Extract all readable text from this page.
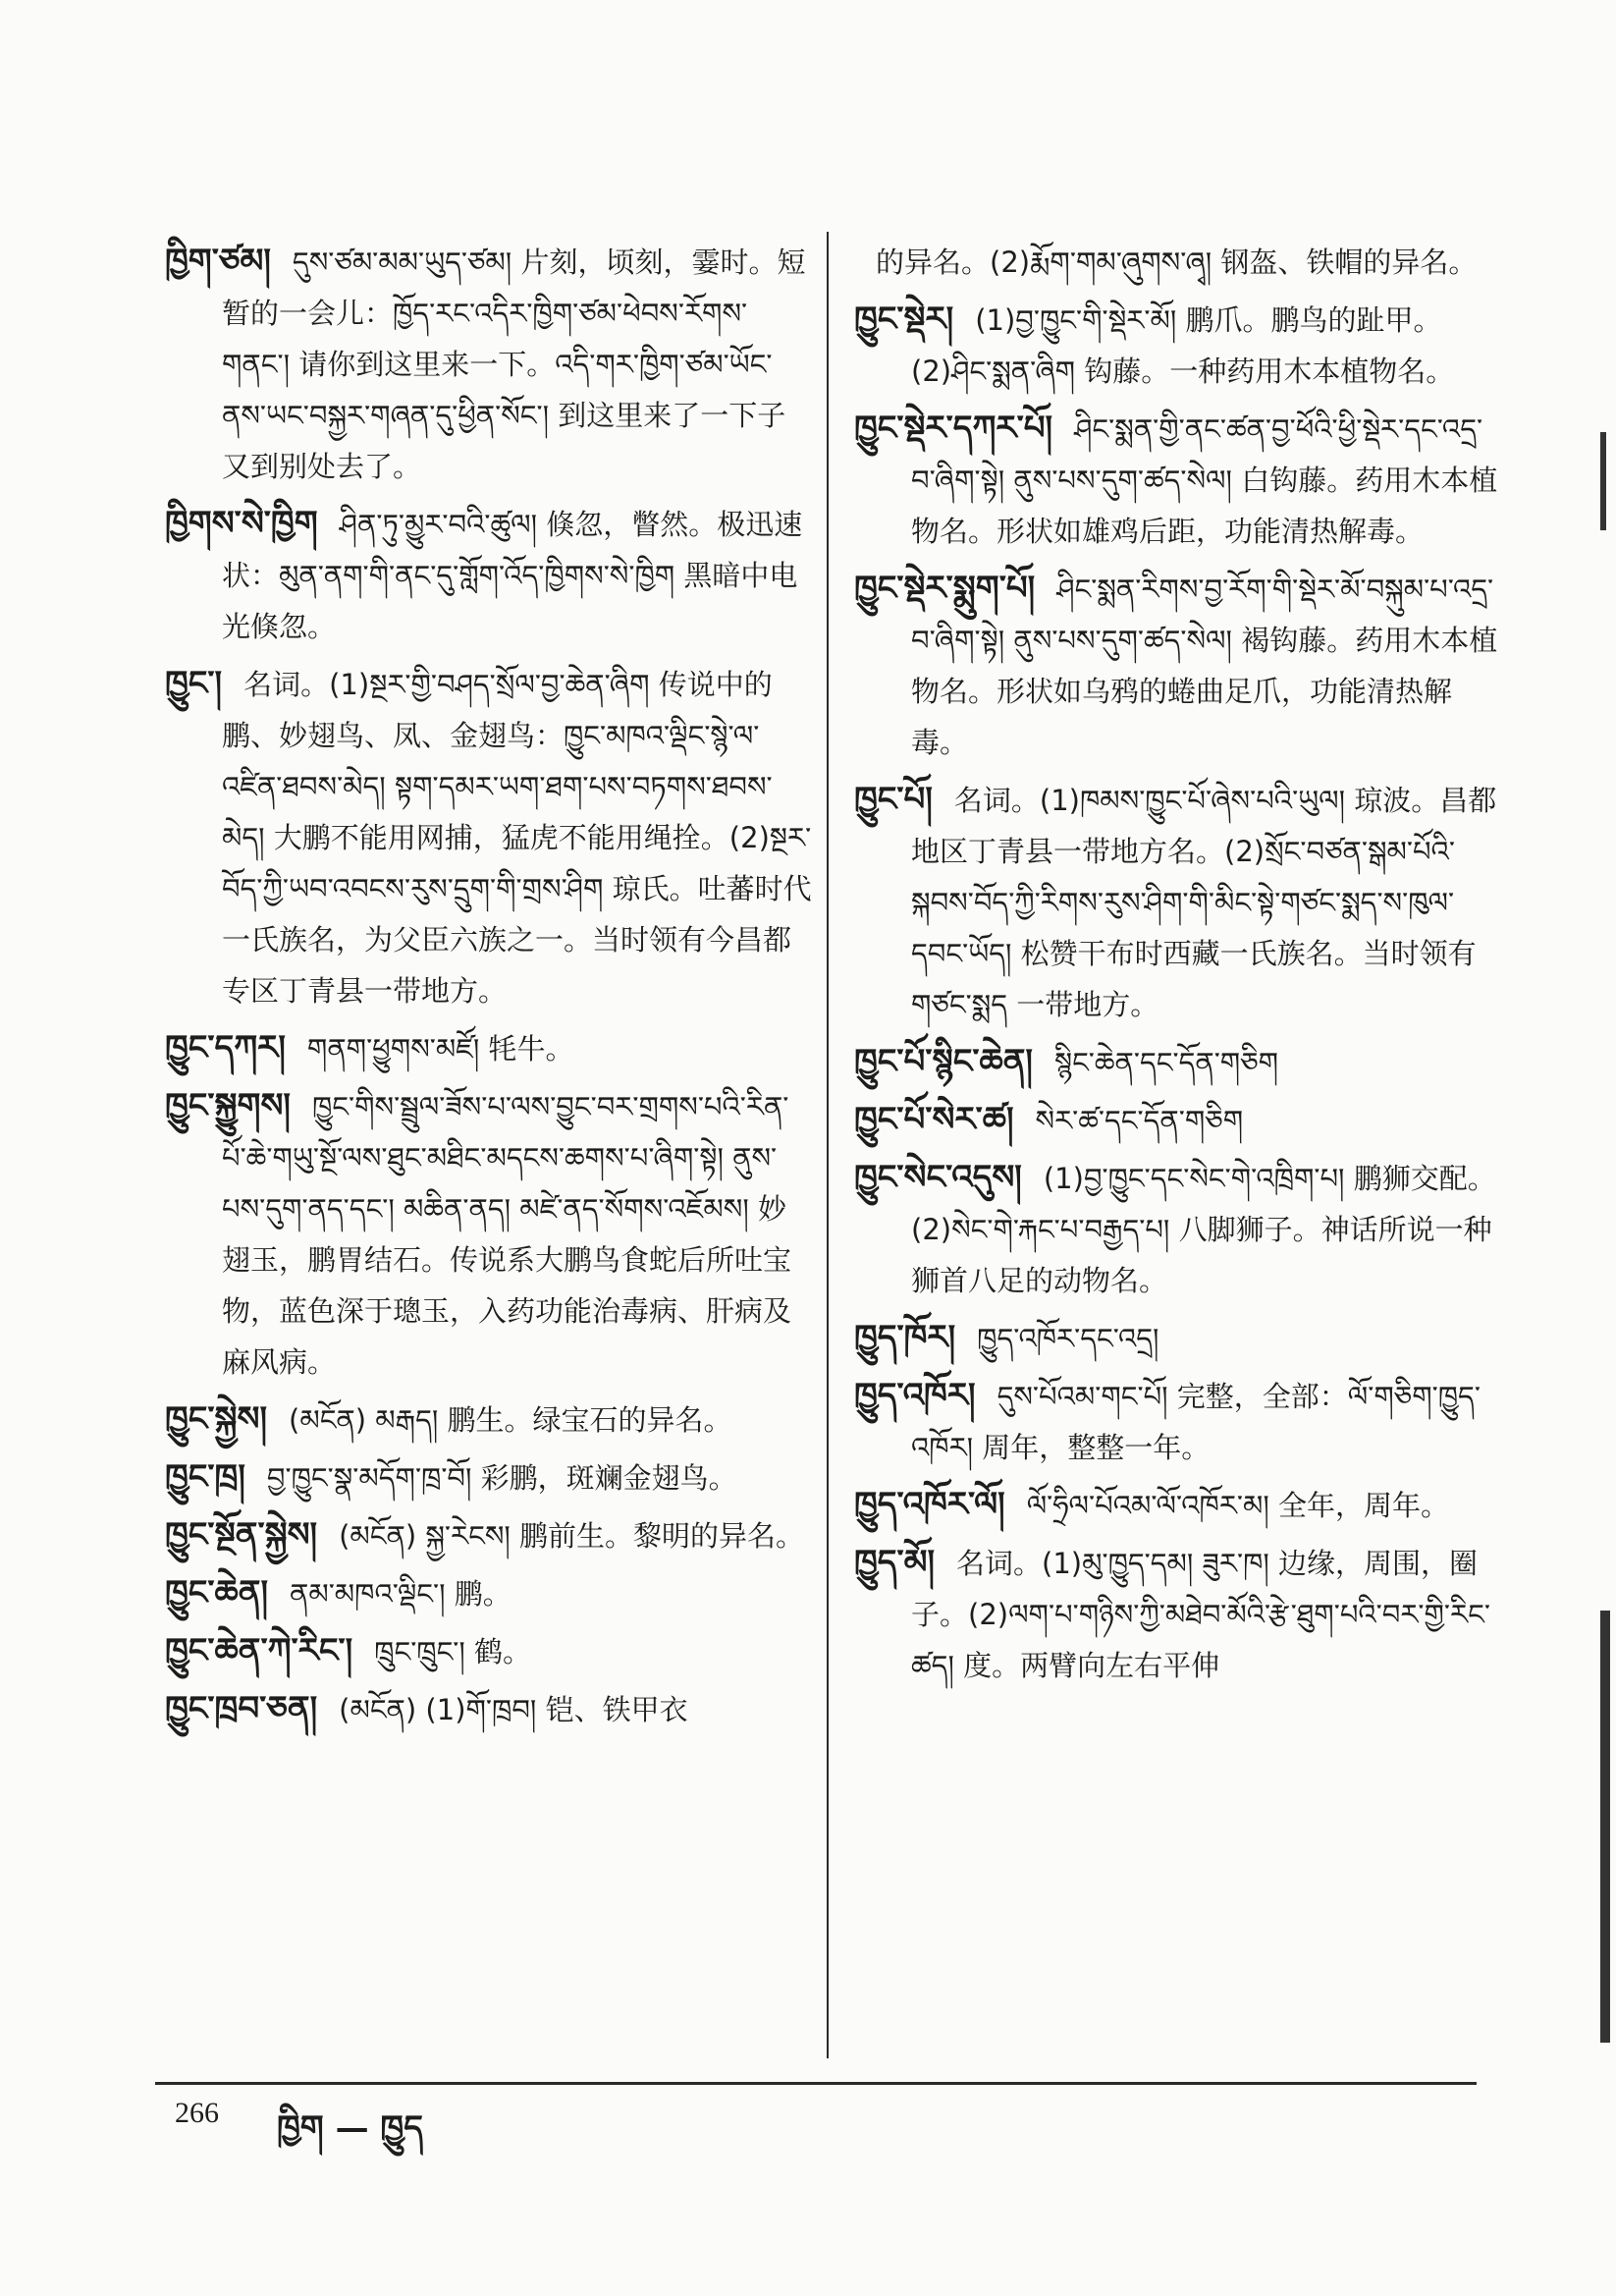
ཁྱིག་ཙམ། དུས་ཙམ་མམ་ཡུད་ཙམ། 片刻，顷刻，霎时。短暂的一会儿：ཁྱོད་རང་འདིར་ཁྱིག་ཙམ་ཕེབས་རོགས་གནང་། 请你到这里来一下。འདི་གར་ཁྱིག་ཙམ་ཡོང་ནས་ཡང་བསྐྱར་གཞན་དུ་ཕྱིན་སོང་། 到这里来了一下子又到别处去了。
ཁྱིགས་སེ་ཁྱིག ཤིན་ཏུ་མྱུར་བའི་ཚུལ། 倏忽，瞥然。极迅速状：མུན་ནག་གི་ནང་དུ་གློག་འོད་ཁྱིགས་སེ་ཁྱིག 黑暗中电光倏忽。
ཁྱུང་། 名词。(1)སྔར་གྱི་བཤད་སྲོལ་བྱ་ཆེན་ཞིག 传说中的鹏、妙翅鸟、凤、金翅鸟：ཁྱུང་མཁའ་ལྡིང་སྙེ་ལ་འཛིན་ཐབས་མེད། སྟག་དམར་ཡག་ཐག་པས་བཏགས་ཐབས་མེད། 大鹏不能用网捕，猛虎不能用绳拴。(2)སྔར་བོད་ཀྱི་ཡབ་འབངས་རུས་དྲུག་གི་གྲས་ཤིག 琼氏。吐蕃时代一氏族名，为父臣六族之一。当时领有今昌都专区丁青县一带地方。
ཁྱུང་དཀར། གནག་ཕྱུགས་མཛོ། 牦牛。
ཁྱུང་སྐྱུགས། ཁྱུང་གིས་སྦྲུལ་ཟོས་པ་ལས་བྱུང་བར་གྲགས་པའི་རིན་པོ་ཆེ་གཡུ་སྔོ་ལས་ཐུང་མཐིང་མདངས་ཆགས་པ་ཞིག་སྟེ། ནུས་པས་དུག་ནད་དང་། མཆིན་ནད། མཛེ་ནད་སོགས་འཇོམས། 妙翅玉，鹏胃结石。传说系大鹏鸟食蛇后所吐宝物，蓝色深于璁玉，入药功能治毒病、肝病及麻风病。
ཁྱུང་སྐྱེས། (མངོན) མརྒད། 鹏生。绿宝石的异名。
ཁྱུང་ཁྲ། བྱ་ཁྱུང་སྣ་མདོག་ཁྲ་བོ། 彩鹏，斑斓金翅鸟。
ཁྱུང་སྔོན་སྐྱེས། (མངོན) སྐྱ་རེངས། 鹏前生。黎明的异名。
ཁྱུང་ཆེན། ནམ་མཁའ་ལྡིང་། 鹏。
ཁྱུང་ཆེན་ཀེ་རིང་། ཁྲུང་ཁྲུང་། 鹤。
ཁྱུང་ཁྲབ་ཅན། (མངོན) (1)གོ་ཁྲབ། 铠、铁甲衣
的异名。(2)རྨོག་གམ་ཞུགས་ཞྭ། 钢盔、铁帽的异名。
ཁྱུང་སྡེར། (1)བྱ་ཁྱུང་གི་སྡེར་མོ། 鹏爪。鹏鸟的趾甲。(2)ཤིང་སྨན་ཞིག 钩藤。一种药用木本植物名。
ཁྱུང་སྡེར་དཀར་པོ། ཤིང་སྨན་གྱི་ནང་ཚན་བྱ་ཕོའི་ཕྱི་སྡེར་དང་འདྲ་བ་ཞིག་སྟེ། ནུས་པས་དུག་ཚད་སེལ། 白钩藤。药用木本植物名。形状如雄鸡后距，功能清热解毒。
ཁྱུང་སྡེར་སྨུག་པོ། ཤིང་སྨན་རིགས་བྱ་རོག་གི་སྡེར་མོ་བསྐུམ་པ་འདྲ་བ་ཞིག་སྟེ། ནུས་པས་དུག་ཚད་སེལ། 褐钩藤。药用木本植物名。形状如乌鸦的蜷曲足爪，功能清热解毒。
ཁྱུང་པོ། 名词。(1)ཁམས་ཁྱུང་པོ་ཞེས་པའི་ཡུལ། 琼波。昌都地区丁青县一带地方名。(2)སྲོང་བཙན་སྒམ་པོའི་སྐབས་བོད་ཀྱི་རིགས་རུས་ཤིག་གི་མིང་སྟེ་གཙང་སྨད་ས་ཁུལ་དབང་ཡོད། 松赞干布时西藏一氏族名。当时领有 གཙང་སྨད 一带地方。
ཁྱུང་པོ་སྙིང་ཆེན། སྙིང་ཆེན་དང་དོན་གཅིག
ཁྱུང་པོ་སེར་ཚ། སེར་ཚ་དང་དོན་གཅིག
ཁྱུང་སེང་འདུས། (1)བྱ་ཁྱུང་དང་སེང་གེ་འཁྲིག་པ། 鹏狮交配。(2)སེང་གེ་རྐང་པ་བརྒྱད་པ། 八脚狮子。神话所说一种狮首八足的动物名。
ཁྱུད་ཁོར། ཁྱུད་འཁོར་དང་འདྲ།
ཁྱུད་འཁོར། དུས་པོའམ་གང་པོ། 完整，全部：ལོ་གཅིག་ཁྱུད་འཁོར། 周年，整整一年。
ཁྱུད་འཁོར་ལོ། ལོ་ཧྲིལ་པོའམ་ལོ་འཁོར་མ། 全年，周年。
ཁྱུད་མོ། 名词。(1)མུ་ཁྱུད་དམ། ཟུར་ཁ། 边缘，周围，圈子。(2)ལག་པ་གཉིས་ཀྱི་མཐེབ་མོའི་རྩེ་ཐུག་པའི་བར་གྱི་རིང་ཚད། 度。两臂向左右平伸
266 ཁྱིག — ཁྱུད
